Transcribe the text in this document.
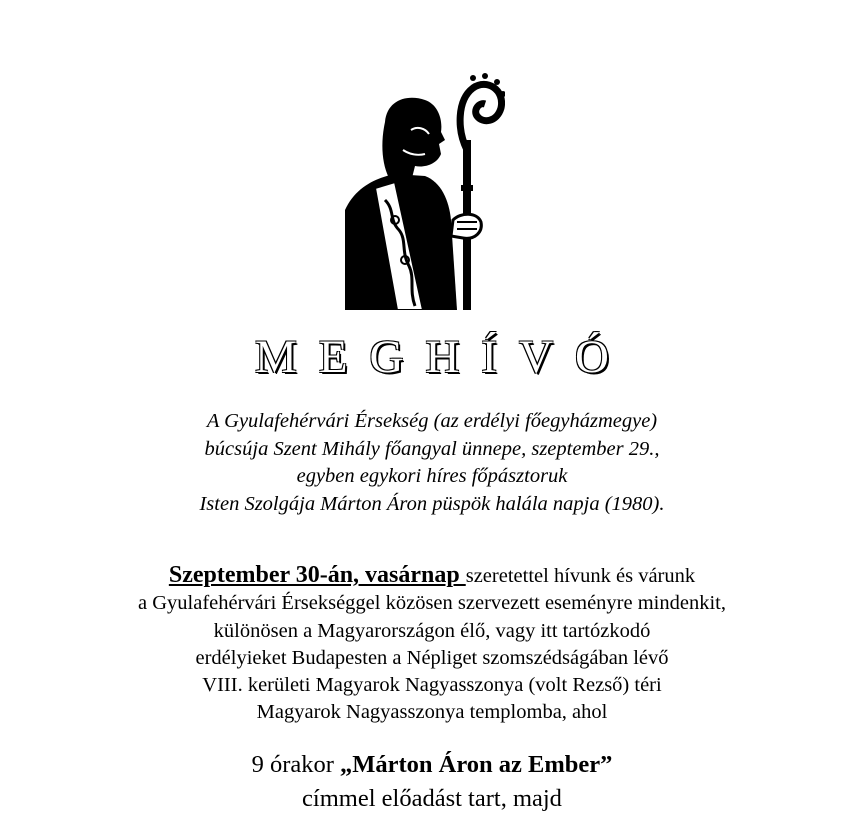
MEGHÍVÓ
A Gyulafehérvári Érsekség (az erdélyi főegyházmegye)
búcsúja Szent Mihály főangyal ünnepe, szeptember 29.,
egyben egykori híres főpásztoruk
Isten Szolgája Márton Áron püspök halála napja (1980).
Szeptember 30-án, vasárnap szeretettel hívunk és várunk
a Gyulafehérvári Érsekséggel közösen szervezett eseményre mindenkit,
különösen a Magyarországon élő, vagy itt tartózkodó
erdélyieket Budapesten a Népliget szomszédságában lévő
VIII. kerületi Magyarok Nagyasszonya (volt Rezső) téri
Magyarok Nagyasszonya templomba, ahol
9 órakor „Márton Áron az Ember”
címmel előadást tart, majd
